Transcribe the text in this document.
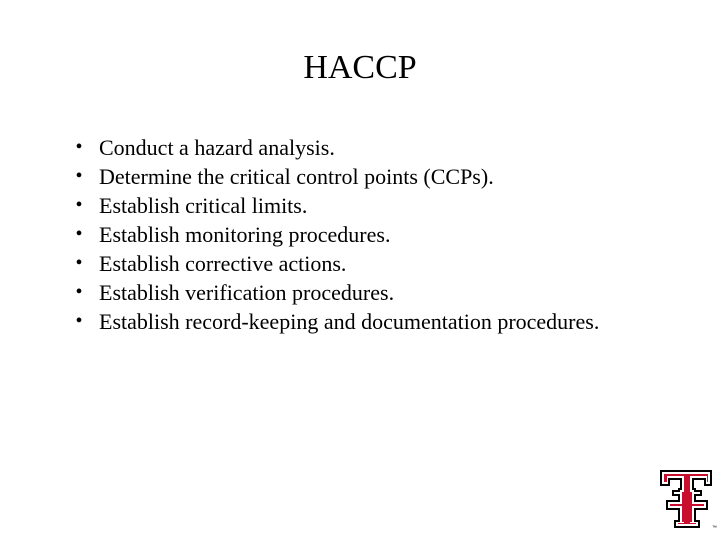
HACCP
• Conduct a hazard analysis.
• Determine the critical control points (CCPs).
• Establish critical limits.
• Establish monitoring procedures.
• Establish corrective actions.
• Establish verification procedures.
• Establish record-keeping and documentation procedures.
™
